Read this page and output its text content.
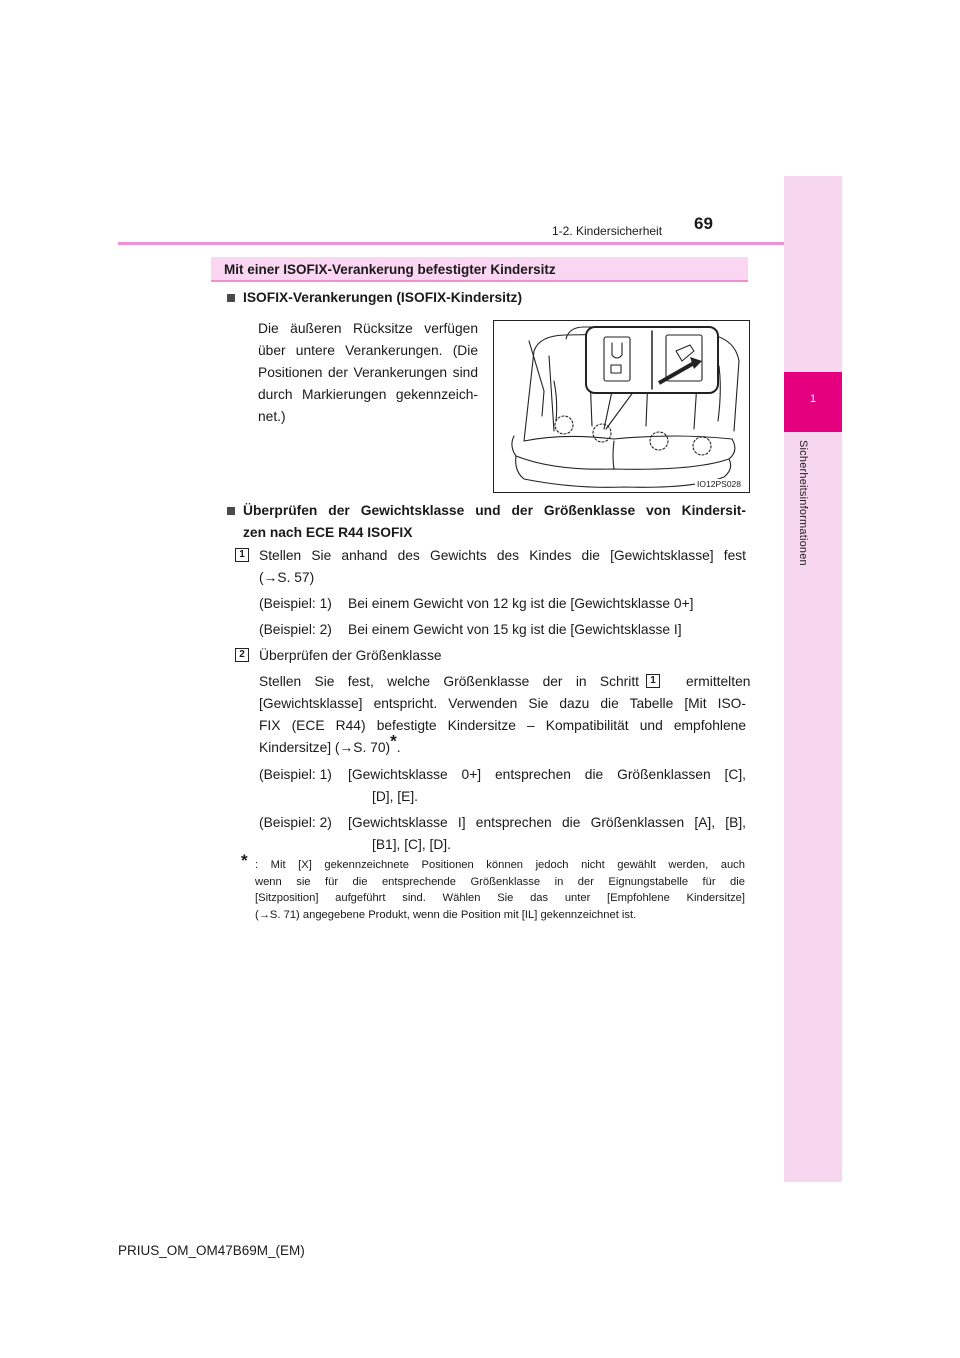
1
Sicherheitsinformationen
1-2. Kindersicherheit 69
Mit einer ISOFIX-Verankerung befestigter Kindersitz
ISOFIX-Verankerungen (ISOFIX-Kindersitz)
Die äußeren Rücksitze verfügen
über untere Verankerungen. (Die
Positionen der Verankerungen sind
durch Markierungen gekennzeich-
net.)
IO12PS028
Überprüfen der Gewichtsklasse und der Größenklasse von Kindersit-
zen nach ECE R44 ISOFIX
1	Stellen Sie anhand des Gewichts des Kindes die [Gewichtsklasse] fest
(→S. 57)
(Beispiel: 1) Bei einem Gewicht von 12 kg ist die [Gewichtsklasse 0+]
(Beispiel: 2) Bei einem Gewicht von 15 kg ist die [Gewichtsklasse I]
2	Überprüfen der Größenklasse
Stellen Sie fest, welche Größenklasse der in Schritt	1	ermittelten
[Gewichtsklasse] entspricht. Verwenden Sie dazu die Tabelle [Mit ISO-
FIX (ECE R44) befestigte Kindersitze – Kompatibilität und empfohlene
Kindersitze] (→S. 70)*.
(Beispiel: 1) [Gewichtsklasse 0+] entsprechen die Größenklassen [C],
[D], [E].
(Beispiel: 2) [Gewichtsklasse I] entsprechen die Größenklassen [A], [B],
[B1], [C], [D].
* : Mit [X] gekennzeichnete Positionen können jedoch nicht gewählt werden, auch
wenn sie für die entsprechende Größenklasse in der Eignungstabelle für die
[Sitzposition] aufgeführt sind. Wählen Sie das unter [Empfohlene Kindersitze]
(→S. 71) angegebene Produkt, wenn die Position mit [IL] gekennzeichnet ist.
PRIUS_OM_OM47B69M_(EM)
